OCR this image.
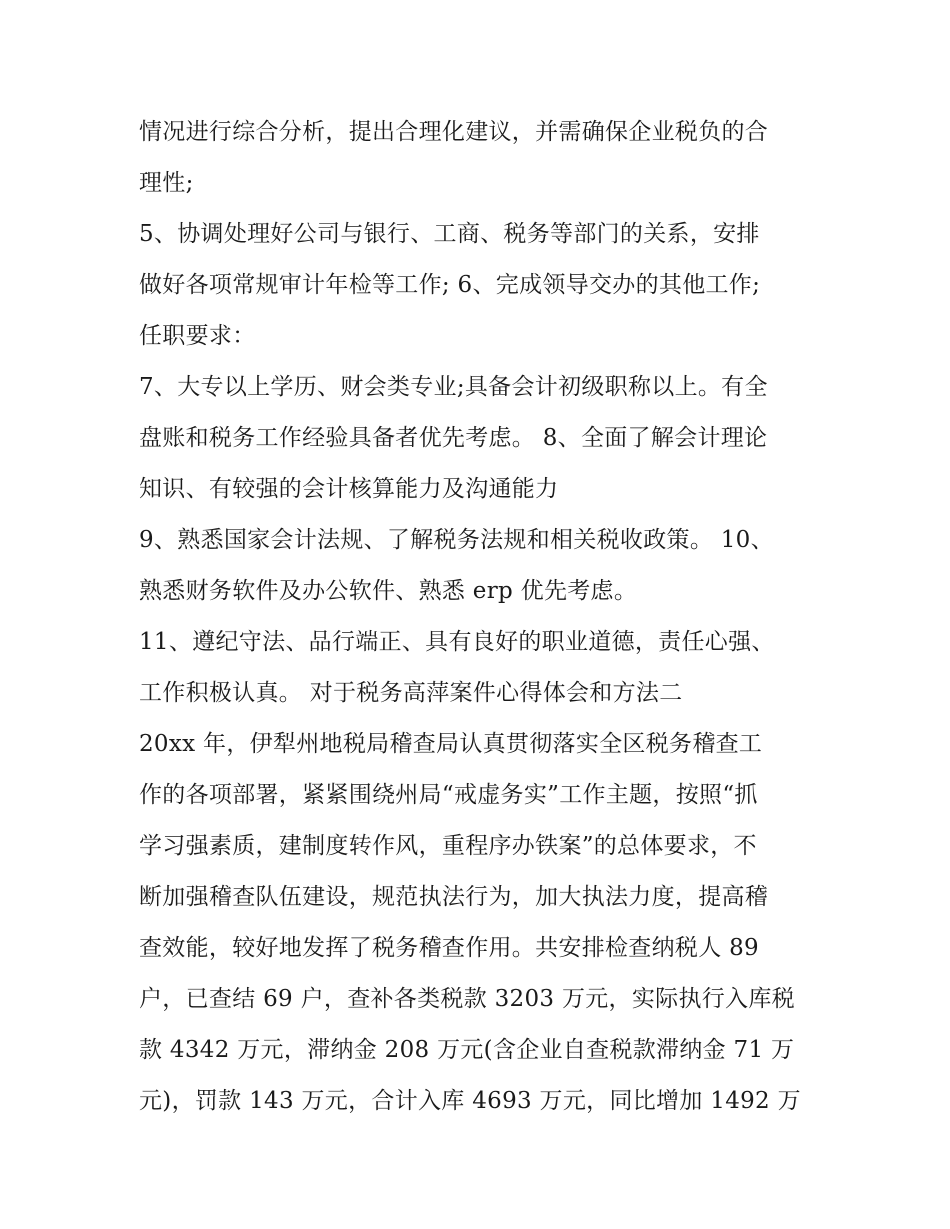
情况进行综合分析，提出合理化建议，并需确保企业税负的合
理性;
5、协调处理好公司与银行、工商、税务等部门的关系，安排
做好各项常规审计年检等工作; 6、完成领导交办的其他工作;
任职要求：
7、大专以上学历、财会类专业;具备会计初级职称以上。有全
盘账和税务工作经验具备者优先考虑。 8、全面了解会计理论
知识、有较强的会计核算能力及沟通能力
9、熟悉国家会计法规、了解税务法规和相关税收政策。 10、
熟悉财务软件及办公软件、熟悉 erp 优先考虑。
11、遵纪守法、品行端正、具有良好的职业道德，责任心强、
工作积极认真。 对于税务高萍案件心得体会和方法二
20xx 年，伊犁州地税局稽查局认真贯彻落实全区税务稽查工
作的各项部署，紧紧围绕州局“戒虚务实”工作主题，按照“抓
学习强素质，建制度转作风，重程序办铁案”的总体要求，不
断加强稽查队伍建设，规范执法行为，加大执法力度，提高稽
查效能，较好地发挥了税务稽查作用。共安排检查纳税人 89
户，已查结 69 户，查补各类税款 3203 万元，实际执行入库税
款 4342 万元，滞纳金 208 万元(含企业自查税款滞纳金 71 万
元)，罚款 143 万元，合计入库 4693 万元，同比增加 1492 万
